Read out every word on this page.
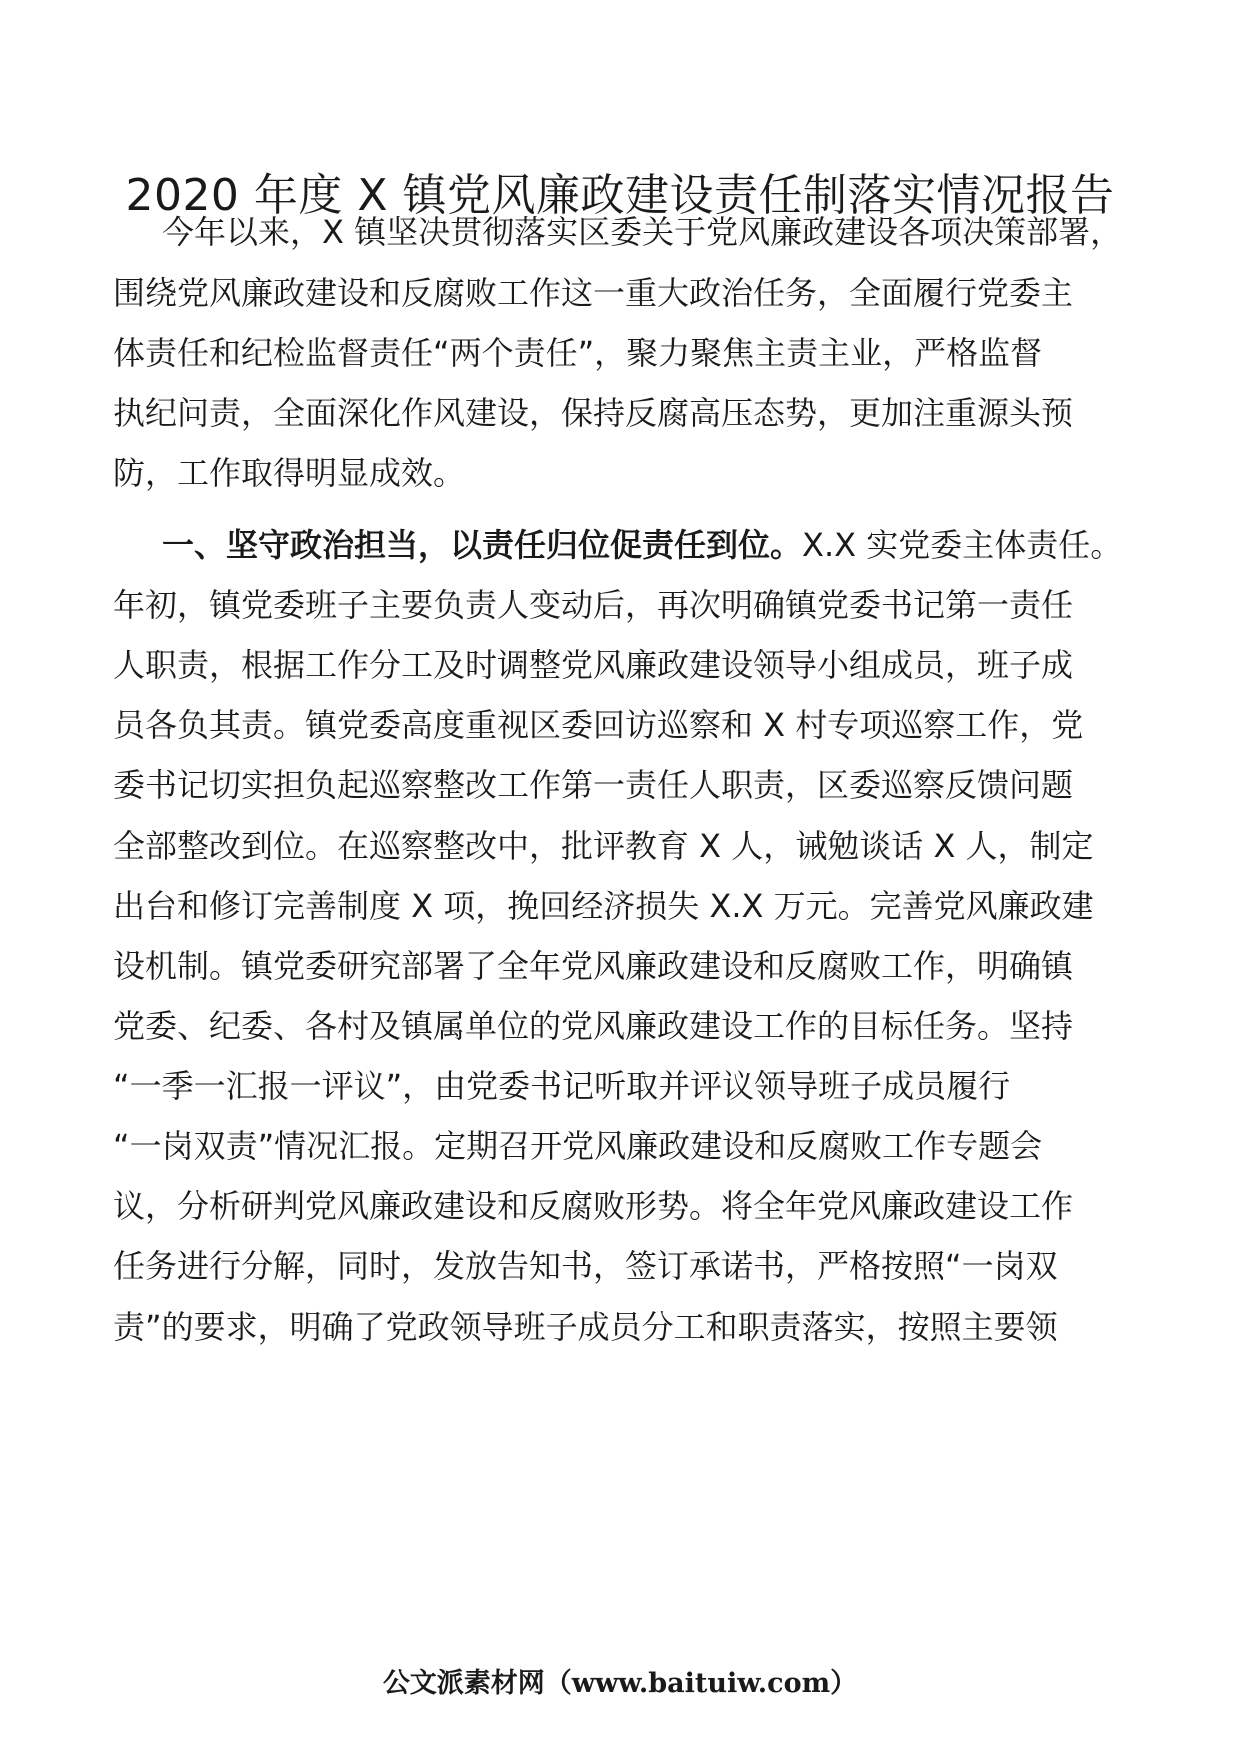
2020 年度 X 镇党风廉政建设责任制落实情况报告

今年以来，X 镇坚决贯彻落实区委关于党风廉政建设各项决策部署，

围绕党风廉政建设和反腐败工作这一重大政治任务，全面履行党委主

体责任和纪检监督责任“两个责任”，聚力聚焦主责主业，严格监督

执纪问责，全面深化作风建设，保持反腐高压态势，更加注重源头预

防，工作取得明显成效。

一、坚守政治担当，以责任归位促责任到位。X.X 实党委主体责任。

年初，镇党委班子主要负责人变动后，再次明确镇党委书记第一责任

人职责，根据工作分工及时调整党风廉政建设领导小组成员，班子成

员各负其责。镇党委高度重视区委回访巡察和 X 村专项巡察工作，党

委书记切实担负起巡察整改工作第一责任人职责，区委巡察反馈问题

全部整改到位。在巡察整改中，批评教育 X 人，诫勉谈话 X 人，制定

出台和修订完善制度 X 项，挽回经济损失 X.X 万元。完善党风廉政建

设机制。镇党委研究部署了全年党风廉政建设和反腐败工作，明确镇

党委、纪委、各村及镇属单位的党风廉政建设工作的目标任务。坚持

“一季一汇报一评议”，由党委书记听取并评议领导班子成员履行

“一岗双责”情况汇报。定期召开党风廉政建设和反腐败工作专题会

议，分析研判党风廉政建设和反腐败形势。将全年党风廉政建设工作

任务进行分解，同时，发放告知书，签订承诺书，严格按照“一岗双

责”的要求，明确了党政领导班子成员分工和职责落实，按照主要领

公文派素材网（www.baituiw.com）
